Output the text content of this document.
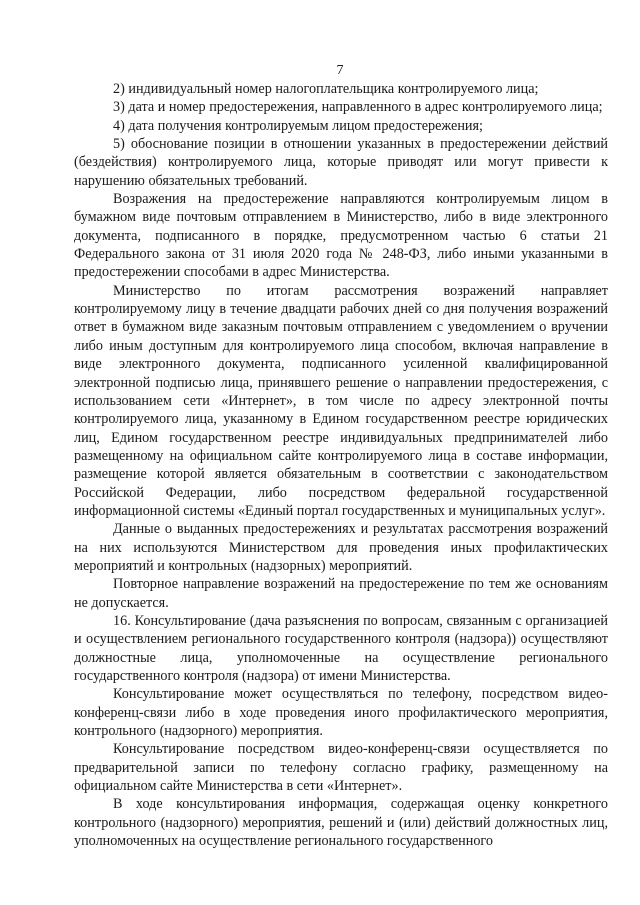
7

2) индивидуальный номер налогоплательщика контролируемого лица;

3) дата и номер предостережения, направленного в адрес контролируемого лица;

4) дата получения контролируемым лицом предостережения;

5) обоснование позиции в отношении указанных в предостережении действий (бездействия) контролируемого лица, которые приводят или могут привести к нарушению обязательных требований.

Возражения на предостережение направляются контролируемым лицом в бумажном виде почтовым отправлением в Министерство, либо в виде электронного документа, подписанного в порядке, предусмотренном частью 6 статьи 21 Федерального закона от 31 июля 2020 года № 248-ФЗ, либо иными указанными в предостережении способами в адрес Министерства.

Министерство по итогам рассмотрения возражений направляет контролируемому лицу в течение двадцати рабочих дней со дня получения возражений ответ в бумажном виде заказным почтовым отправлением с уведомлением о вручении либо иным доступным для контролируемого лица способом, включая направление в виде электронного документа, подписанного усиленной квалифицированной электронной подписью лица, принявшего решение о направлении предостережения, с использованием сети «Интернет», в том числе по адресу электронной почты контролируемого лица, указанному в Едином государственном реестре юридических лиц, Едином государственном реестре индивидуальных предпринимателей либо размещенному на официальном сайте контролируемого лица в составе информации, размещение которой является обязательным в соответствии с законодательством Российской Федерации, либо посредством федеральной государственной информационной системы «Единый портал государственных и муниципальных услуг».

Данные о выданных предостережениях и результатах рассмотрения возражений на них используются Министерством для проведения иных профилактических мероприятий и контрольных (надзорных) мероприятий.

Повторное направление возражений на предостережение по тем же основаниям не допускается.

16. Консультирование (дача разъяснения по вопросам, связанным с организацией и осуществлением регионального государственного контроля (надзора)) осуществляют должностные лица, уполномоченные на осуществление регионального государственного контроля (надзора) от имени Министерства.

Консультирование может осуществляться по телефону, посредством видео-конференц-связи либо в ходе проведения иного профилактического мероприятия, контрольного (надзорного) мероприятия.

Консультирование посредством видео-конференц-связи осуществляется по предварительной записи по телефону согласно графику, размещенному на официальном сайте Министерства в сети «Интернет».

В ходе консультирования информация, содержащая оценку конкретного контрольного (надзорного) мероприятия, решений и (или) действий должностных лиц, уполномоченных на осуществление регионального государственного
